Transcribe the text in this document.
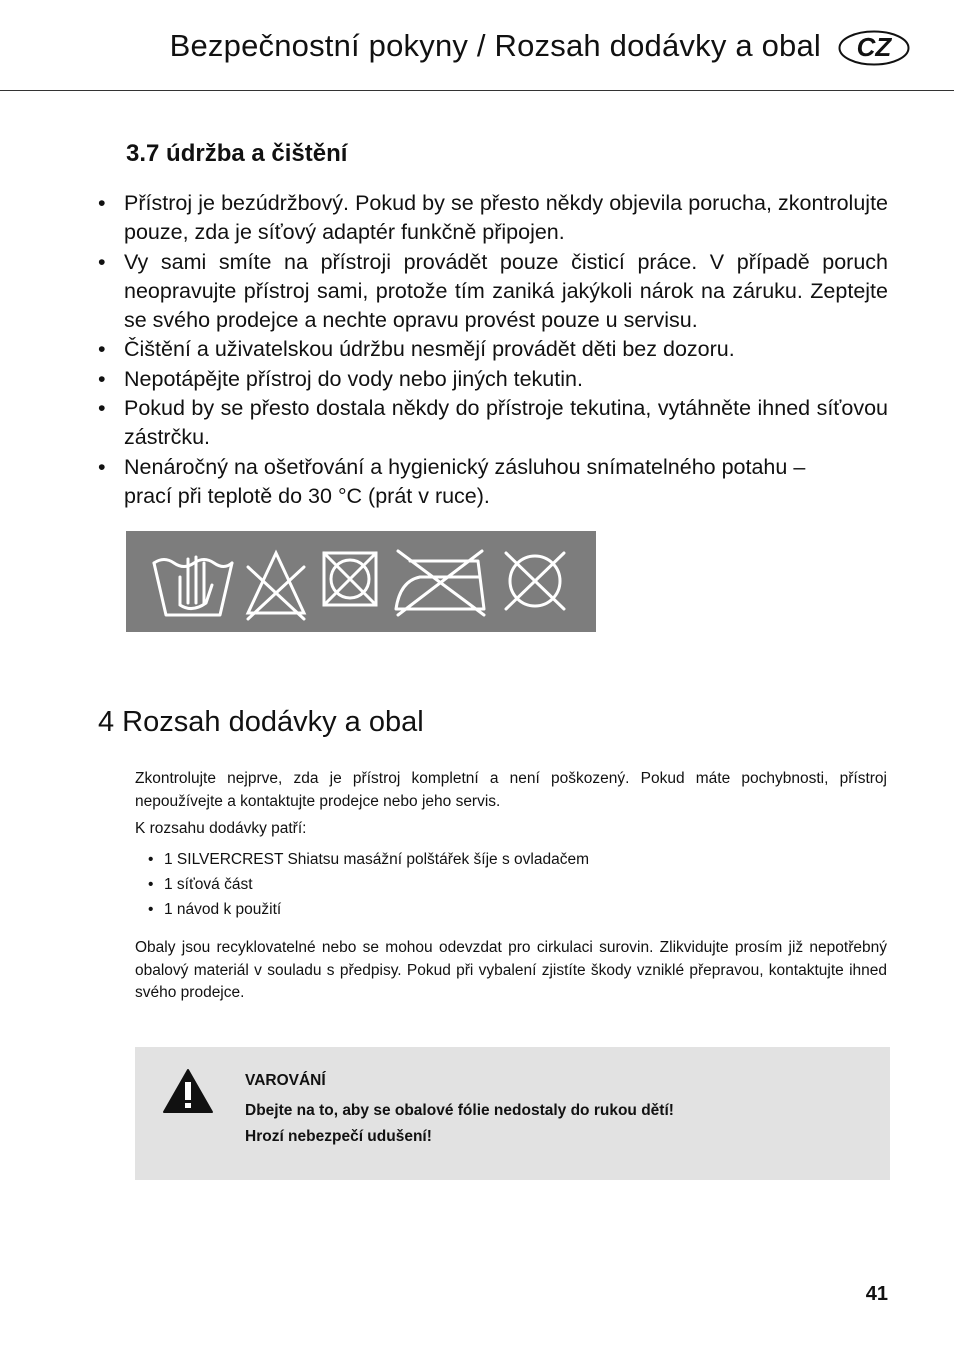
Bezpečnostní pokyny / Rozsah dodávky a obal	CZ
3.7 údržba a čištění
• Přístroj je bezúdržbový. Pokud by se přesto někdy objevila porucha, zkontrolujte pouze, zda je síťový adaptér funkčně připojen.
• Vy sami smíte na přístroji provádět pouze čisticí práce. V případě poruch neopravujte přístroj sami, protože tím zaniká jakýkoli nárok na záruku. Zeptejte se svého prodejce a nechte opravu provést pouze u servisu.
• Čištění a uživatelskou údržbu nesmějí provádět děti bez dozoru.
• Nepotápějte přístroj do vody nebo jiných tekutin.
• Pokud by se přesto dostala někdy do přístroje tekutina, vytáhněte ihned síťovou zástrčku.
• Nenáročný na ošetřování a hygienický zásluhou snímatelného potahu –
prací při teplotě do 30 °C (prát v ruce).
4 Rozsah dodávky a obal

Zkontrolujte nejprve, zda je přístroj kompletní a není poškozený. Pokud máte pochybnosti, přístroj nepoužívejte a kontaktujte prodejce nebo jeho servis.

K rozsahu dodávky patří:

• 1 SILVERCREST Shiatsu masážní polštářek šíje s ovladačem
• 1 síťová část
• 1 návod k použití

Obaly jsou recyklovatelné nebo se mohou odevzdat pro cirkulaci surovin. Zlikvidujte prosím již nepotřebný obalový materiál v souladu s předpisy. Pokud při vybalení zjistíte škody vzniklé přepravou, kontaktujte ihned svého prodejce.

VAROVÁNÍ
Dbejte na to, aby se obalové fólie nedostaly do rukou dětí!
Hrozí nebezpečí udušení!
41
